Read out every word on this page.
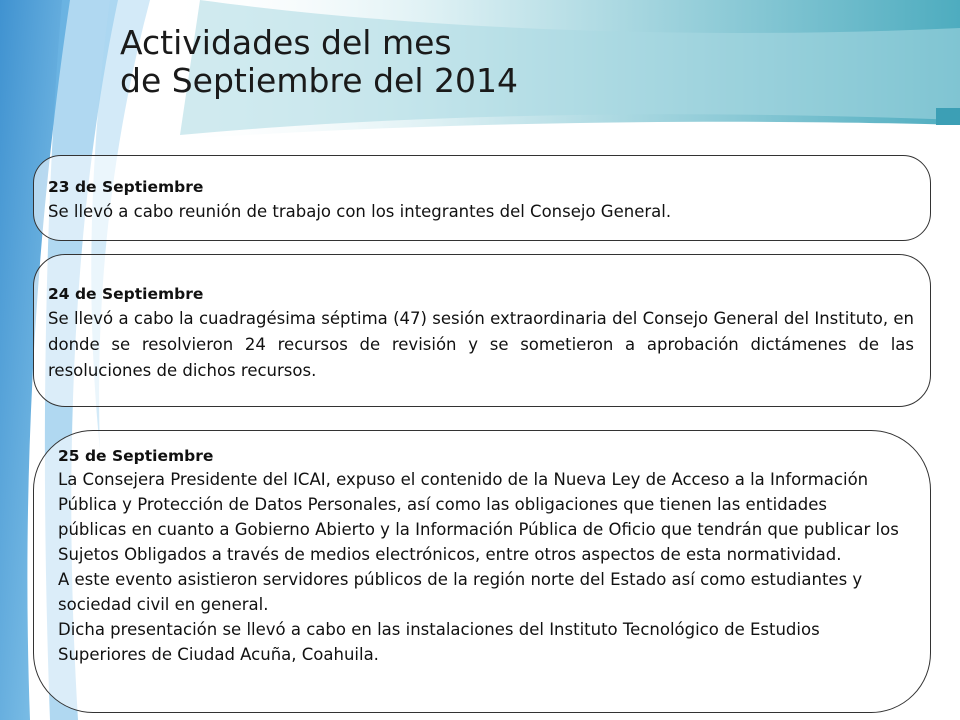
Actividades del mes
de Septiembre del 2014
23 de Septiembre

Se llevó a cabo reunión de trabajo con los integrantes del Consejo General.

24 de Septiembre

Se llevó a cabo la cuadragésima séptima (47) sesión extraordinaria del Consejo General del Instituto, en donde se resolvieron 24 recursos de revisión y se sometieron a aprobación dictámenes de las resoluciones de dichos recursos.

25 de Septiembre

La Consejera Presidente del ICAI, expuso el contenido de la Nueva Ley de Acceso a la Información Pública y Protección de Datos Personales, así como las obligaciones que tienen las entidades públicas en cuanto a Gobierno Abierto y la Información Pública de Oficio que tendrán que publicar los Sujetos Obligados a través de medios electrónicos, entre otros aspectos de esta normatividad.

A este evento asistieron servidores públicos de la región norte del Estado así como estudiantes y sociedad civil en general.

Dicha presentación se llevó a cabo en las instalaciones del Instituto Tecnológico de Estudios Superiores de Ciudad Acuña, Coahuila.
